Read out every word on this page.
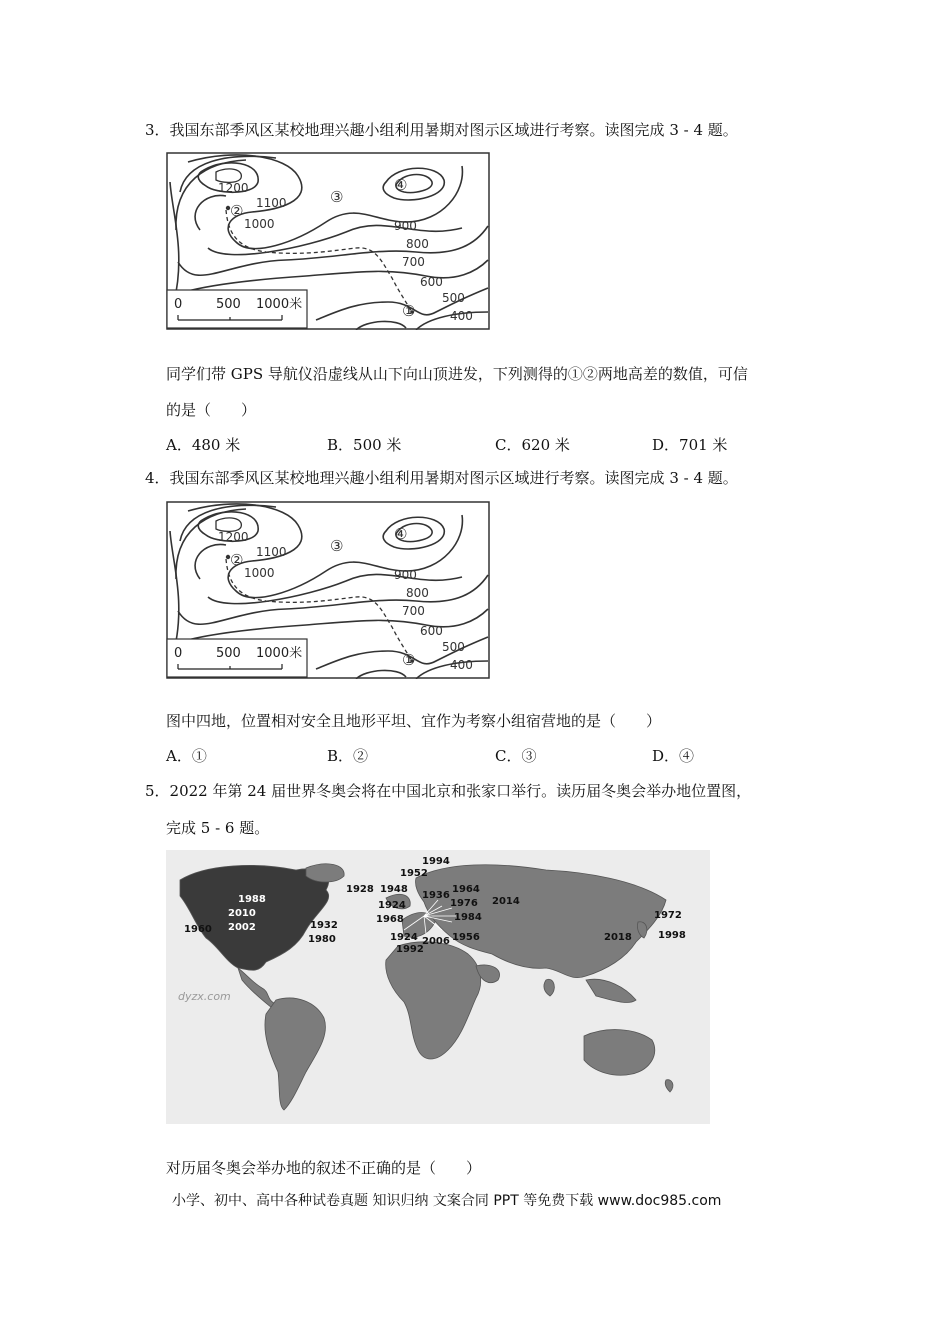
3．我国东部季风区某校地理兴趣小组利用暑期对图示区域进行考察。读图完成 3 - 4 题。
1200
1100
1000	900
800
700
600
500
400
①
②
③
④
0	500 1000米
同学们带 GPS 导航仪沿虚线从山下向山顶进发，下列测得的①②两地高差的数值，可信
的是（　　）
A．480 米	B．500 米	C．620 米	D．701 米
4．我国东部季风区某校地理兴趣小组利用暑期对图示区域进行考察。读图完成 3 - 4 题。
1200
1100
1000	900
800
700
600
500
400
①
②
③
④
0	500 1000米
图中四地，位置相对安全且地形平坦、宜作为考察小组宿营地的是（　　）
A．①	B．②	C．③	D．④
5．2022 年第 24 届世界冬奥会将在中国北京和张家口举行。读历届冬奥会举办地位置图，
完成 5 - 6 题。
dyzx.com
1988
2010
2002
1960	1932
1980
1994
1952
1928 1948
1936
1964
1924	1976
1968	1984
1924	1956
1992
2006
2014
1972
2018	1998
对历届冬奥会举办地的叙述不正确的是（　　）
小学、初中、高中各种试卷真题 知识归纳 文案合同 PPT 等免费下载 www.doc985.com
